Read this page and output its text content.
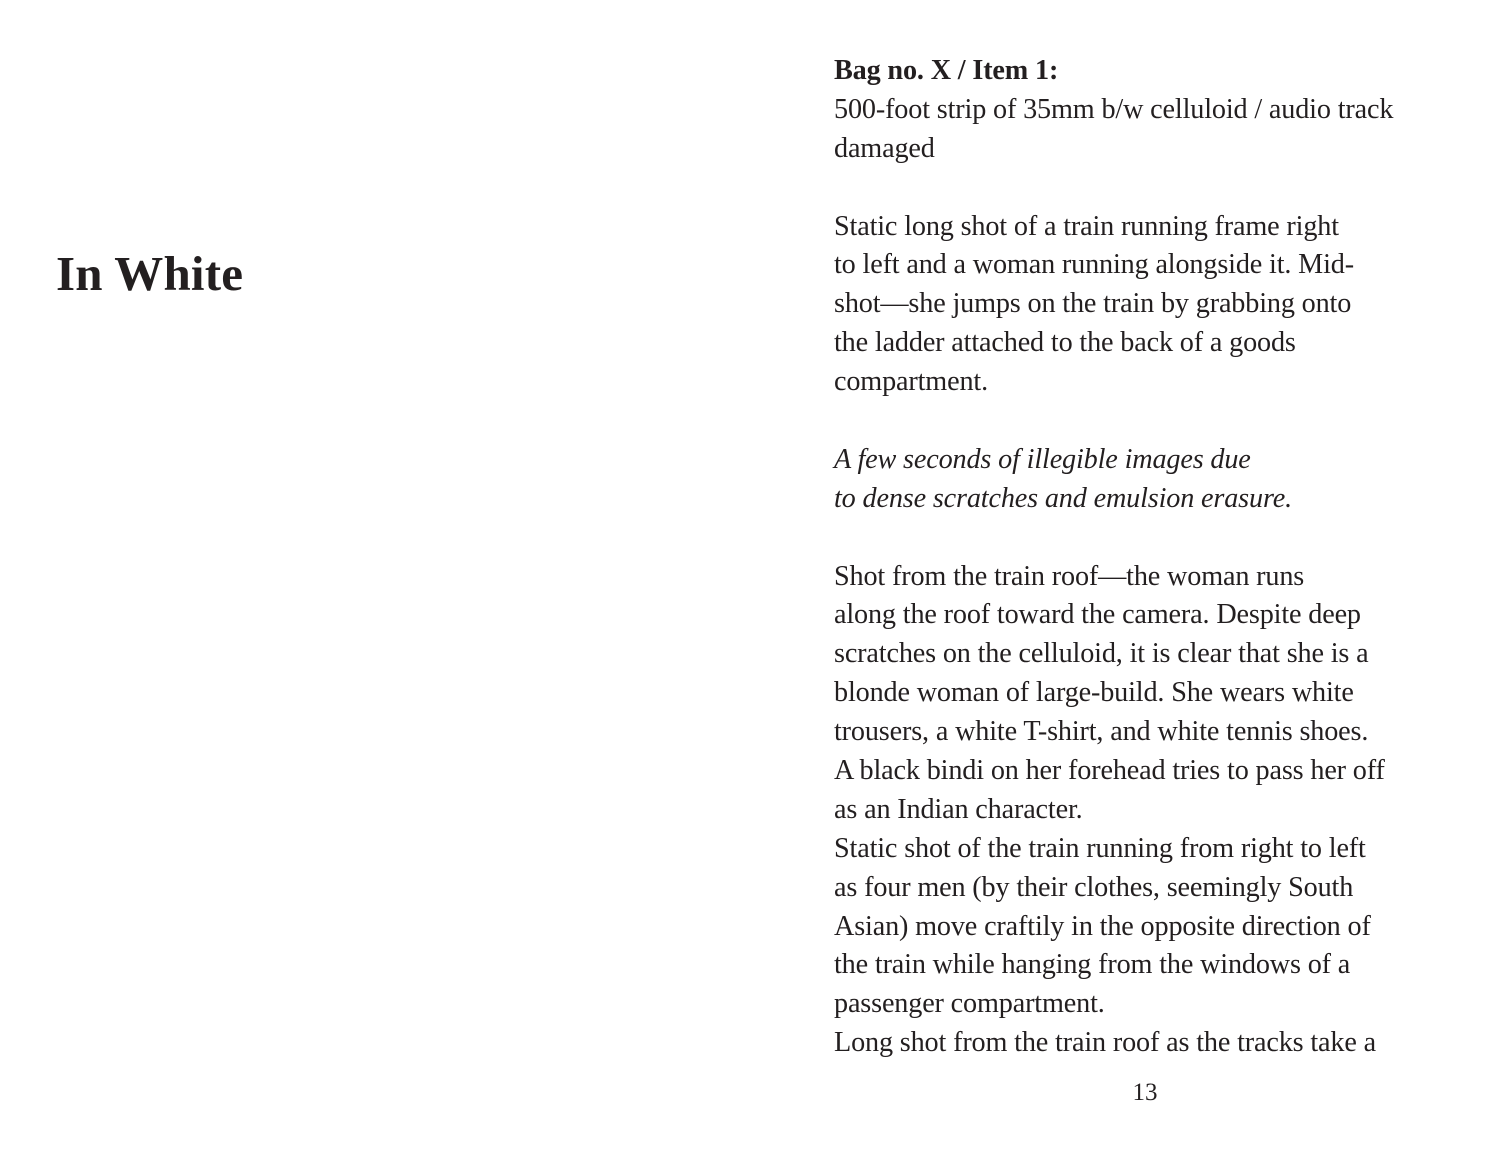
In White
Bag no. X / Item 1:
500-foot strip of 35mm b/w celluloid / audio track
damaged
Static long shot of a train running frame right
to left and a woman running alongside it. Mid-
shot—she jumps on the train by grabbing onto
the ladder attached to the back of a goods
compartment.
A few seconds of illegible images due
to dense scratches and emulsion erasure.
Shot from the train roof—the woman runs
along the roof toward the camera. Despite deep
scratches on the celluloid, it is clear that she is a
blonde woman of large-build. She wears white
trousers, a white T-shirt, and white tennis shoes.
A black bindi on her forehead tries to pass her off
as an Indian character.
Static shot of the train running from right to left
as four men (by their clothes, seemingly South
Asian) move craftily in the opposite direction of
the train while hanging from the windows of a
passenger compartment.
Long shot from the train roof as the tracks take a
13
